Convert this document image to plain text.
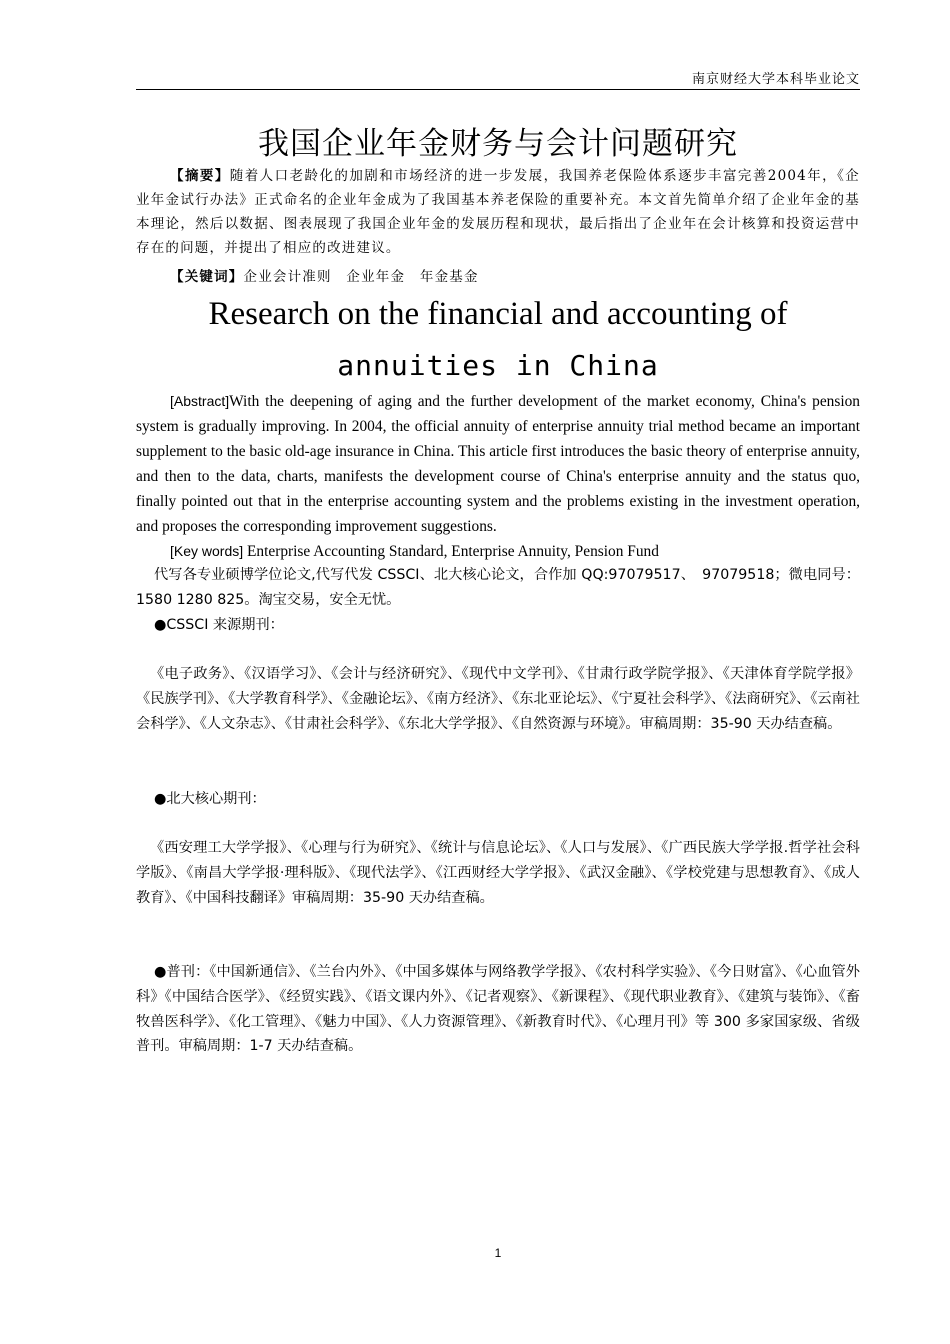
南京财经大学本科毕业论文
我国企业年金财务与会计问题研究
【摘要】随着人口老龄化的加剧和市场经济的进一步发展，我国养老保险体系逐步丰富完善2004年，《企业年金试行办法》正式命名的企业年金成为了我国基本养老保险的重要补充。本文首先简单介绍了企业年金的基本理论，然后以数据、图表展现了我国企业年金的发展历程和现状，最后指出了企业年在会计核算和投资运营中存在的问题，并提出了相应的改进建议。
【关键词】企业会计准则　企业年金　年金基金
Research on the financial and accounting of
annuities in China
[Abstract]With the deepening of aging and the further development of the market economy, China's pension system is gradually improving. In 2004, the official annuity of enterprise annuity trial method became an important supplement to the basic old-age insurance in China. This article first introduces the basic theory of enterprise annuity, and then to the data, charts, manifests the development course of China's enterprise annuity and the status quo, finally pointed out that in the enterprise accounting system and the problems existing in the investment operation, and proposes the corresponding improvement suggestions.
[Key words] Enterprise Accounting Standard, Enterprise Annuity, Pension Fund
代写各专业硕博学位论文,代写代发 CSSCI、北大核心论文，合作加 QQ:97079517、　97079518；微电同号：1580 1280 825。淘宝交易，安全无忧。
●CSSCI 来源期刊：
《电子政务》、《汉语学习》、《会计与经济研究》、《现代中文学刊》、《甘肃行政学院学报》、《天津体育学院学报》《民族学刊》、《大学教育科学》、《金融论坛》、《南方经济》、《东北亚论坛》、《宁夏社会科学》、《法商研究》、《云南社会科学》、《人文杂志》、《甘肃社会科学》、《东北大学学报》、《自然资源与环境》。审稿周期：35-90 天办结查稿。
●北大核心期刊：
《西安理工大学学报》、《心理与行为研究》、《统计与信息论坛》、《人口与发展》、《广西民族大学学报.哲学社会科学版》、《南昌大学学报·理科版》、《现代法学》、《江西财经大学学报》、《武汉金融》、《学校党建与思想教育》、《成人教育》、《中国科技翻译》审稿周期：35-90 天办结查稿。
●普刊：《中国新通信》、《兰台内外》、《中国多媒体与网络教学学报》、《农村科学实验》、《今日财富》、《心血管外科》《中国结合医学》、《经贸实践》、《语文课内外》、《记者观察》、《新课程》、《现代职业教育》、《建筑与装饰》、《畜牧兽医科学》、《化工管理》、《魅力中国》、《人力资源管理》、《新教育时代》、《心理月刊》等 300 多家国家级、省级普刊。审稿周期：1-7 天办结查稿。
1
